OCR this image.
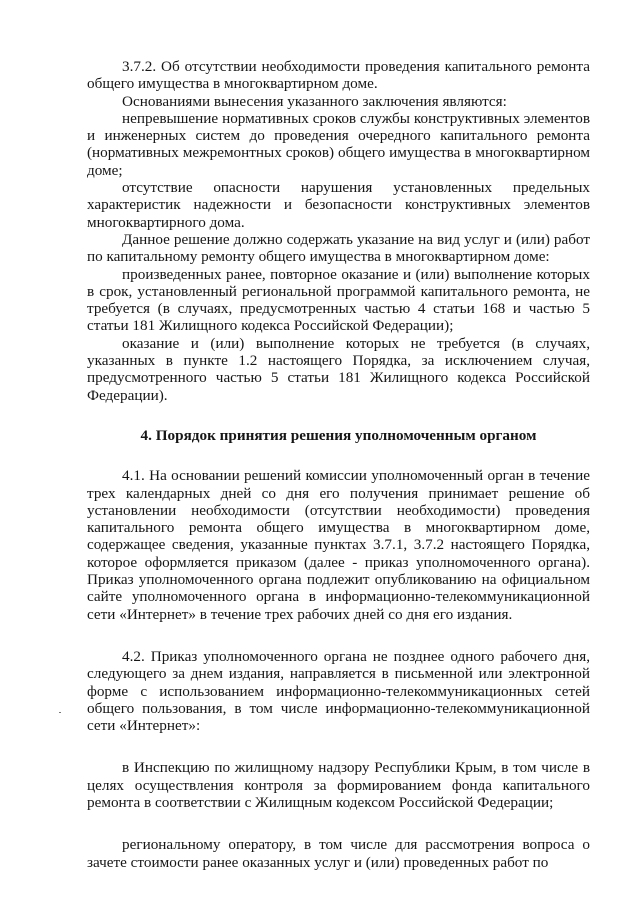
3.7.2. Об отсутствии необходимости проведения капитального ремонта общего имущества в многоквартирном доме.

Основаниями вынесения указанного заключения являются:

непревышение нормативных сроков службы конструктивных элементов и инженерных систем до проведения очередного капитального ремонта (нормативных межремонтных сроков) общего имущества в многоквартирном доме;

отсутствие опасности нарушения установленных предельных характеристик надежности и безопасности конструктивных элементов многоквартирного дома.

Данное решение должно содержать указание на вид услуг и (или) работ по капитальному ремонту общего имущества в многоквартирном доме:

произведенных ранее, повторное оказание и (или) выполнение которых в срок, установленный региональной программой капитального ремонта, не требуется (в случаях, предусмотренных частью 4 статьи 168 и частью 5 статьи 181 Жилищного кодекса Российской Федерации);

оказание и (или) выполнение которых не требуется (в случаях, указанных в пункте 1.2 настоящего Порядка, за исключением случая, предусмотренного частью 5 статьи 181 Жилищного кодекса Российской Федерации).

4. Порядок принятия решения уполномоченным органом

4.1. На основании решений комиссии уполномоченный орган в течение трех календарных дней со дня его получения принимает решение об установлении необходимости (отсутствии необходимости) проведения капитального ремонта общего имущества в многоквартирном доме, содержащее сведения, указанные пунктах 3.7.1, 3.7.2 настоящего Порядка, которое оформляется приказом (далее - приказ уполномоченного органа). Приказ уполномоченного органа подлежит опубликованию на официальном сайте уполномоченного органа в информационно-телекоммуникационной сети «Интернет» в течение трех рабочих дней со дня его издания.

4.2. Приказ уполномоченного органа не позднее одного рабочего дня, следующего за днем издания, направляется в письменной или электронной форме с использованием информационно-телекоммуникационных сетей общего пользования, в том числе информационно-телекоммуникационной сети «Интернет»:

в Инспекцию по жилищному надзору Республики Крым, в том числе в целях осуществления контроля за формированием фонда капитального ремонта в соответствии с Жилищным кодексом Российской Федерации;

региональному оператору, в том числе для рассмотрения вопроса о зачете стоимости ранее оказанных услуг и (или) проведенных работ по
